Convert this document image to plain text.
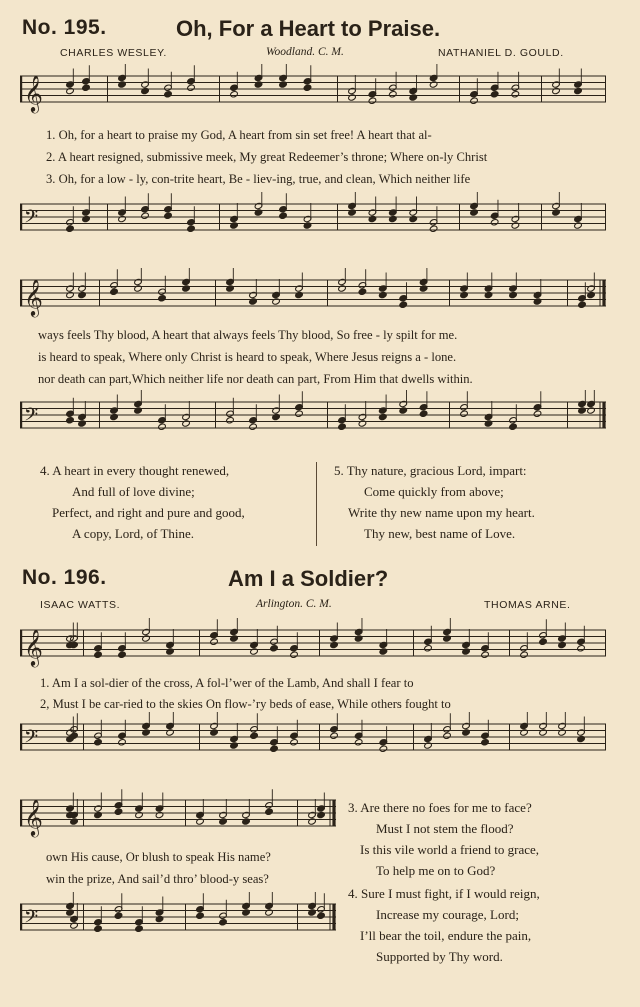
No. 195.	Oh, For a Heart to Praise.
CHARLES WESLEY.	Woodland. C. M.	NATHANIEL D. GOULD.
𝄞
1. Oh, for a heart to praise my God, A heart from sin set free! A heart that al-
2. A heart resigned, submissive meek, My great Redeemer’s throne; Where on-ly Christ
3. Oh, for a low - ly, con-trite heart, Be - liev-ing, true, and clean, Which neither life
𝄢
𝄞
ways feels Thy blood, A heart that always feels Thy blood, So free - ly spilt for me.
is heard to speak, Where only Christ is heard to speak, Where Jesus reigns a - lone.
nor death can part,Which neither life nor death can part, From Him that dwells within.
𝄢
4. A heart in every thought renewed,
And full of love divine;
Perfect, and right and pure and good,
A copy, Lord, of Thine.
5. Thy nature, gracious Lord, impart:
Come quickly from above;
Write thy new name upon my heart.
Thy new, best name of Love.
No. 196.	Am I a Soldier?
ISAAC WATTS.	Arlington. C. M.	THOMAS ARNE.
𝄞
1. Am I a sol-dier of the cross, A fol-l’wer of the Lamb, And shall I fear to
2, Must I be car-ried to the skies On flow-’ry beds of ease, While others fought to
𝄢
𝄞
own His cause, Or blush to speak His name?
win the prize, And sail’d thro’ blood-y seas?
𝄢
3. Are there no foes for me to face?
Must I not stem the flood?
Is this vile world a friend to grace,
To help me on to God?
4. Sure I must fight, if I would reign,
Increase my courage, Lord;
I’ll bear the toil, endure the pain,
Supported by Thy word.
